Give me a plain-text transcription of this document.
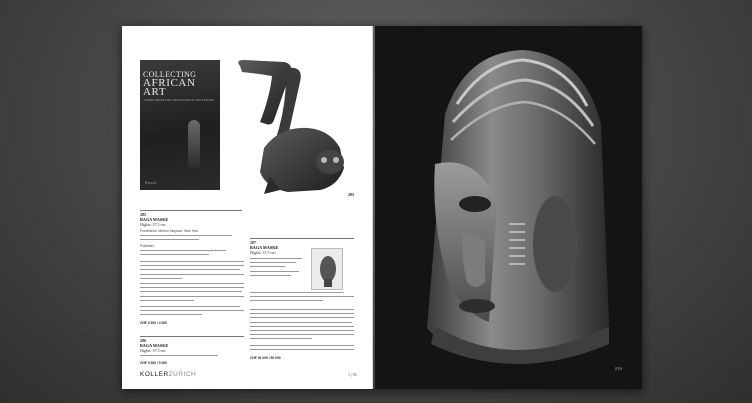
COLLECTING
AFRICAN ART
WORKS FROM THE COLLECTION OF THE PRIVATE
Rizzoli
285
285
BAGA MASKE
Higlas: 37,5 cm
Provenienz: Merton Simpson, New York
Publiziert:
CHF 2 000 / 4 000
286
BAGA MASKE
Higlas: 37,5 cm
CHF 3 000 / 5 000
287
BAGA MASKE
Higlas: 37,5 cm
CHF 30 000 / 50 000
KOLLERZÜRICH	1 | 85
279
